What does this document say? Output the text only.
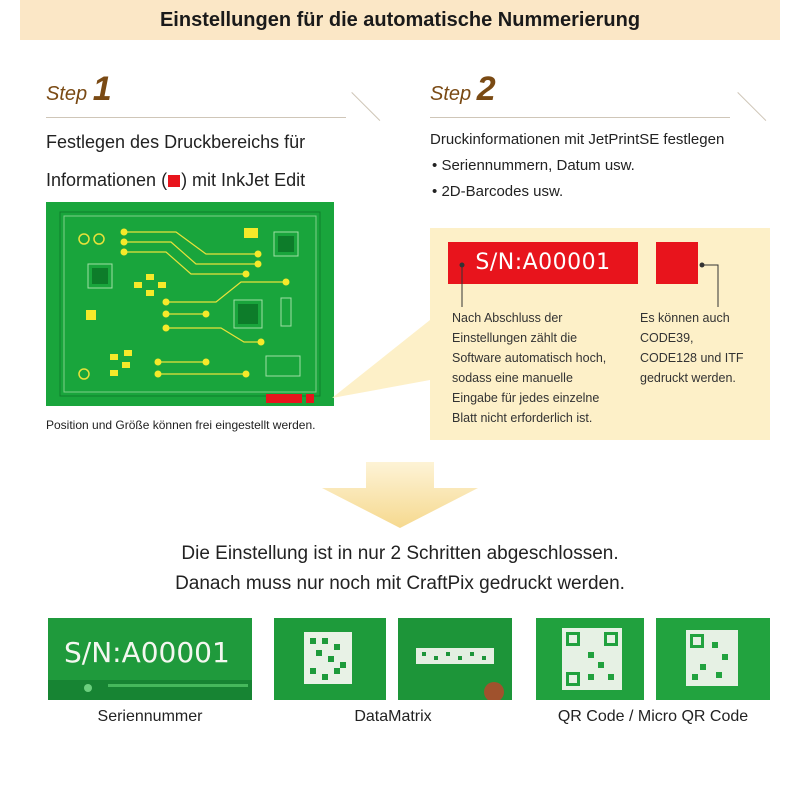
Einstellungen für die automatische Nummerierung
Step 1	Step 2
Festlegen des Druckbereichs für
Informationen ( ) mit InkJet Edit
Position und Größe können frei eingestellt werden.
Druckinformationen mit JetPrintSE festlegen
• Seriennummern, Datum usw.
• 2D-Barcodes usw.
S/N:A00001
Nach Abschluss der
Einstellungen zählt die
Software automatisch hoch,
sodass eine manuelle
Eingabe für jedes einzelne
Blatt nicht erforderlich ist.
Es können auch
CODE39,
CODE128 und ITF
gedruckt werden.
Die Einstellung ist in nur 2 Schritten abgeschlossen.
Danach muss nur noch mit CraftPix gedruckt werden.
S/N:A00001
Seriennummer	DataMatrix	QR Code / Micro QR Code
